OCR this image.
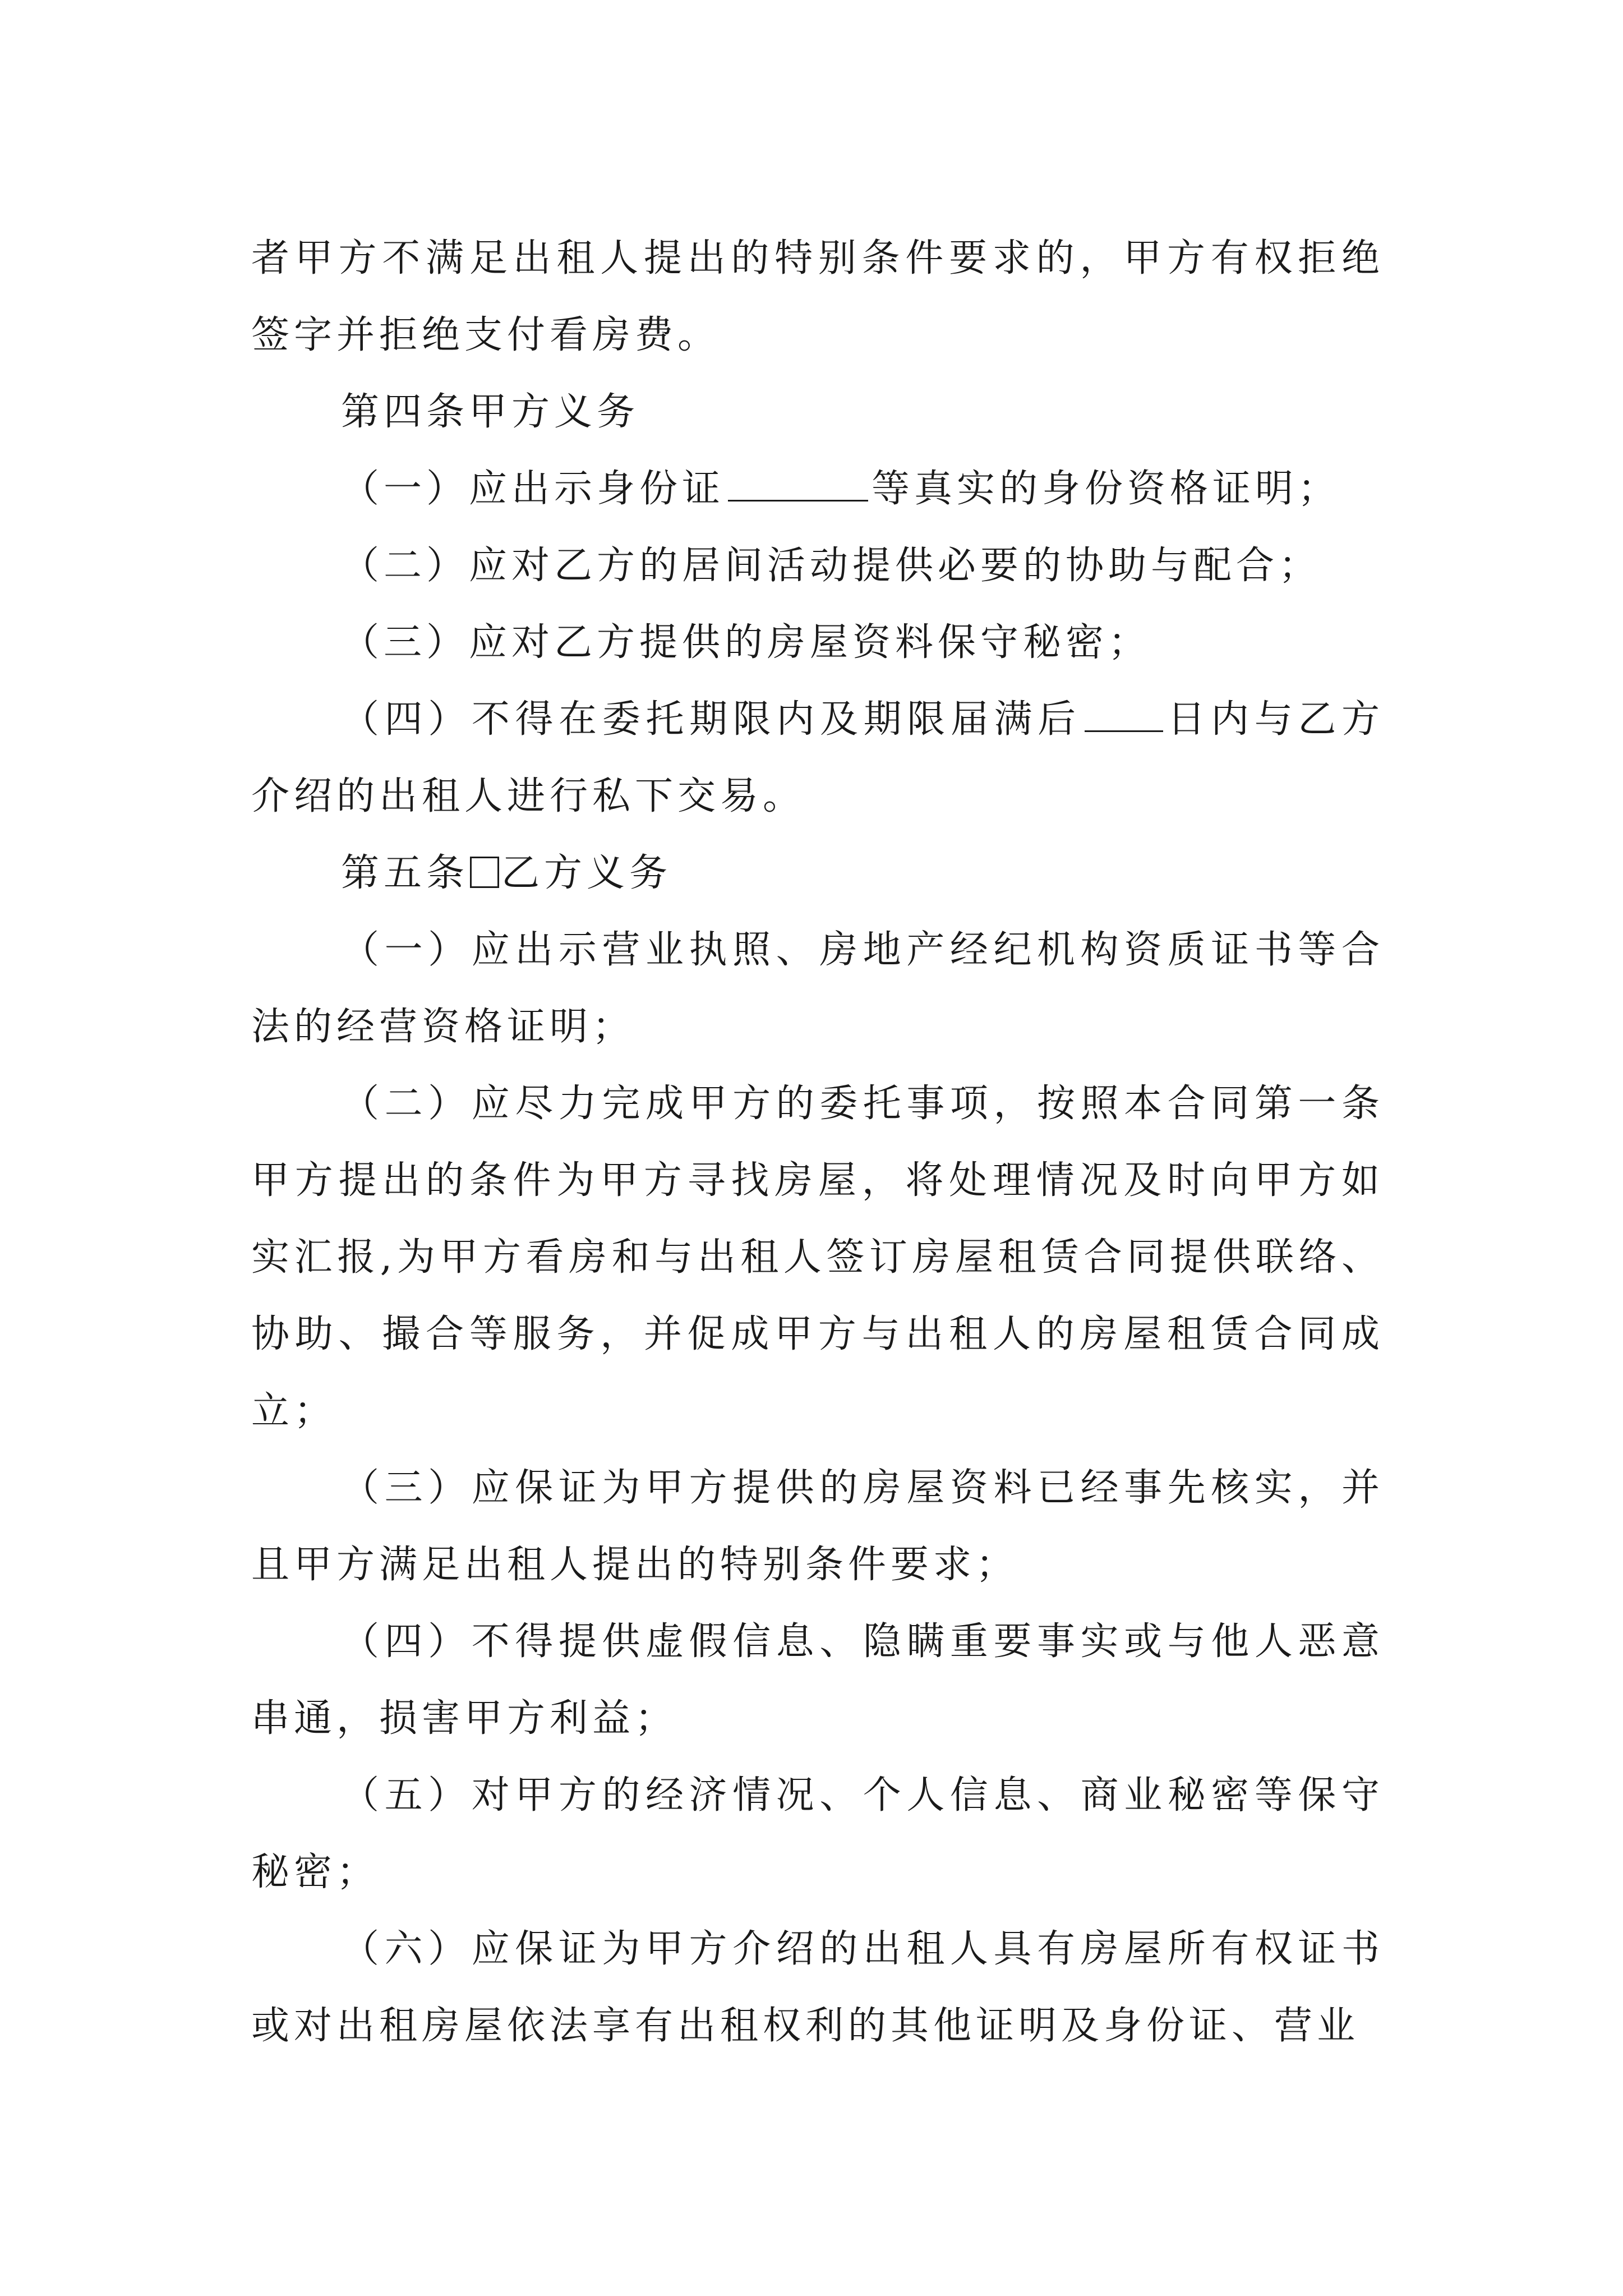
者甲方不满足出租人提出的特别条件要求的，甲方有权拒绝签字并拒绝支付看房费。

第四条甲方义务

（一）应出示身份证	等真实的身份资格证明；

（二）应对乙方的居间活动提供必要的协助与配合；

（三）应对乙方提供的房屋资料保守秘密；

（四）不得在委托期限内及期限届满后 日内与乙方介绍的出租人进行私下交易。

第五条 乙方义务

（一）应出示营业执照、房地产经纪机构资质证书等合法的经营资格证明；

（二）应尽力完成甲方的委托事项，按照本合同第一条甲方提出的条件为甲方寻找房屋，将处理情况及时向甲方如实汇报,为甲方看房和与出租人签订房屋租赁合同提供联络、协助、撮合等服务，并促成甲方与出租人的房屋租赁合同成立；

（三）应保证为甲方提供的房屋资料已经事先核实，并且甲方满足出租人提出的特别条件要求；

（四）不得提供虚假信息、隐瞒重要事实或与他人恶意串通，损害甲方利益；

（五）对甲方的经济情况、个人信息、商业秘密等保守秘密；

（六）应保证为甲方介绍的出租人具有房屋所有权证书或对出租房屋依法享有出租权利的其他证明及身份证、营业
